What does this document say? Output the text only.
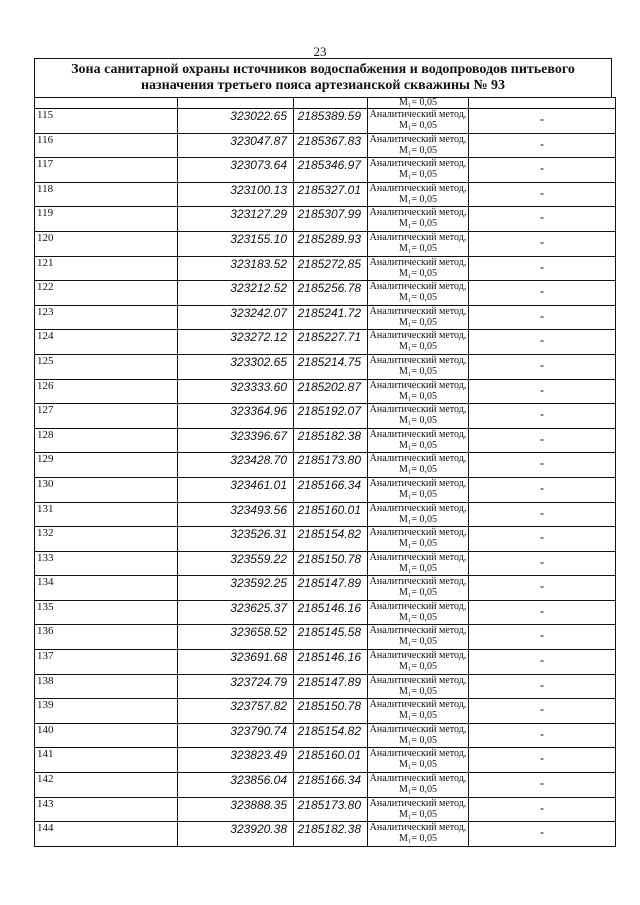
23
Зона санитарной охраны источников водоспабжения и водопроводов питьевого назначения третьего пояса артезианской скважины № 93
			M₁= 0,05	
115	323022.65	2185389.59	Аналитический метод,
M₁= 0,05	-
116	323047.87	2185367.83	Аналитический метод,
M₁= 0,05	-
117	323073.64	2185346.97	Аналитический метод,
M₁= 0,05	-
118	323100.13	2185327.01	Аналитический метод,
M₁= 0,05	-
119	323127.29	2185307.99	Аналитический метод,
M₁= 0,05	-
120	323155.10	2185289.93	Аналитический метод,
M₁= 0,05	-
121	323183.52	2185272.85	Аналитический метод,
M₁= 0,05	-
122	323212.52	2185256.78	Аналитический метод,
M₁= 0,05	-
123	323242.07	2185241.72	Аналитический метод,
M₁= 0,05	-
124	323272.12	2185227.71	Аналитический метод,
M₁= 0,05	-
125	323302.65	2185214.75	Аналитический метод,
M₁= 0,05	-
126	323333.60	2185202.87	Аналитический метод,
M₁= 0,05	-
127	323364.96	2185192.07	Аналитический метод,
M₁= 0,05	-
128	323396.67	2185182.38	Аналитический метод,
M₁= 0,05	-
129	323428.70	2185173.80	Аналитический метод,
M₁= 0,05	-
130	323461.01	2185166.34	Аналитический метод,
M₁= 0,05	-
131	323493.56	2185160.01	Аналитический метод,
M₁= 0,05	-
132	323526.31	2185154.82	Аналитический метод,
M₁= 0,05	-
133	323559.22	2185150.78	Аналитический метод,
M₁= 0,05	-
134	323592.25	2185147.89	Аналитический метод,
M₁= 0,05	-
135	323625.37	2185146.16	Аналитический метод,
M₁= 0,05	-
136	323658.52	2185145.58	Аналитический метод,
M₁= 0,05	-
137	323691.68	2185146.16	Аналитический метод,
M₁= 0,05	-
138	323724.79	2185147.89	Аналитический метод,
M₁= 0,05	-
139	323757.82	2185150.78	Аналитический метод,
M₁= 0,05	-
140	323790.74	2185154.82	Аналитический метод,
M₁= 0,05	-
141	323823.49	2185160.01	Аналитический метод,
M₁= 0,05	-
142	323856.04	2185166.34	Аналитический метод,
M₁= 0,05	-
143	323888.35	2185173.80	Аналитический метод,
M₁= 0,05	-
144	323920.38	2185182.38	Аналитический метод,
M₁= 0,05	-
